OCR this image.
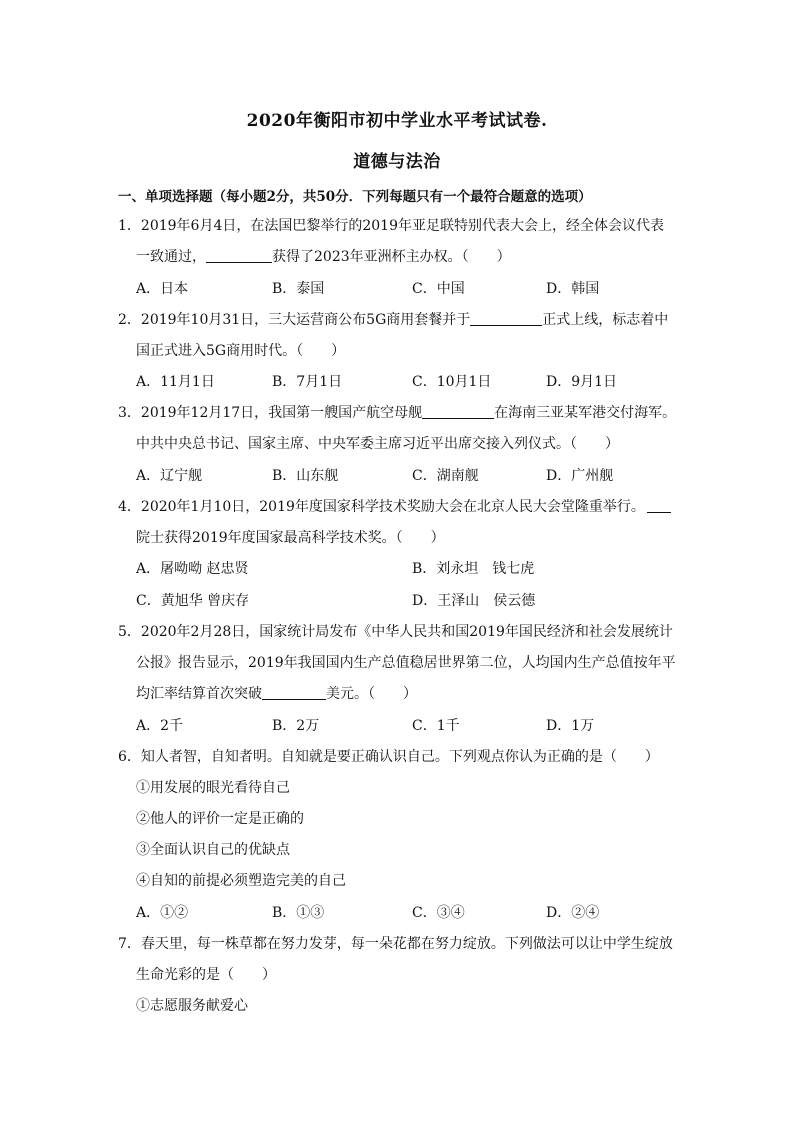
2020年衡阳市初中学业水平考试试卷.
道德与法治
一、单项选择题（每小题2分，共50分．下列每题只有一个最符合题意的选项）
1．2019年6月4日，在法国巴黎举行的2019年亚足联特别代表大会上，经全体会议代表
一致通过，	获得了2023年亚洲杯主办权。（　　）
A．日本	B．泰国	C．中国	D．韩国
2．2019年10月31日，三大运营商公布5G商用套餐并于	正式上线，标志着中
国正式进入5G商用时代。（　　）
A．11月1日	B．7月1日	C．10月1日	D．9月1日
3．2019年12月17日，我国第一艘国产航空母舰	在海南三亚某军港交付海军。
中共中央总书记、国家主席、中央军委主席习近平出席交接入列仪式。（　　）
A．辽宁舰	B．山东舰	C．湖南舰	D．广州舰
4．2020年1月10日，2019年度国家科学技术奖励大会在北京人民大会堂隆重举行。
院士获得2019年度国家最高科学技术奖。（　　）
A．屠呦呦 赵忠贤	B．刘永坦　钱七虎
C．黄旭华 曾庆存	D．王泽山　侯云德
5．2020年2月28日，国家统计局发布《中华人民共和国2019年国民经济和社会发展统计
公报》报告显示，2019年我国国内生产总值稳居世界第二位，人均国内生产总值按年平
均汇率结算首次突破	美元。（　　）
A．2千	B．2万	C．1千	D．1万
6．知人者智，自知者明。自知就是要正确认识自己。下列观点你认为正确的是（　　）
①用发展的眼光看待自己
②他人的评价一定是正确的
③全面认识自己的优缺点
④自知的前提必须塑造完美的自己
A．①②	B．①③	C．③④	D．②④
7．春天里，每一株草都在努力发芽，每一朵花都在努力绽放。下列做法可以让中学生绽放
生命光彩的是（　　）
①志愿服务献爱心
